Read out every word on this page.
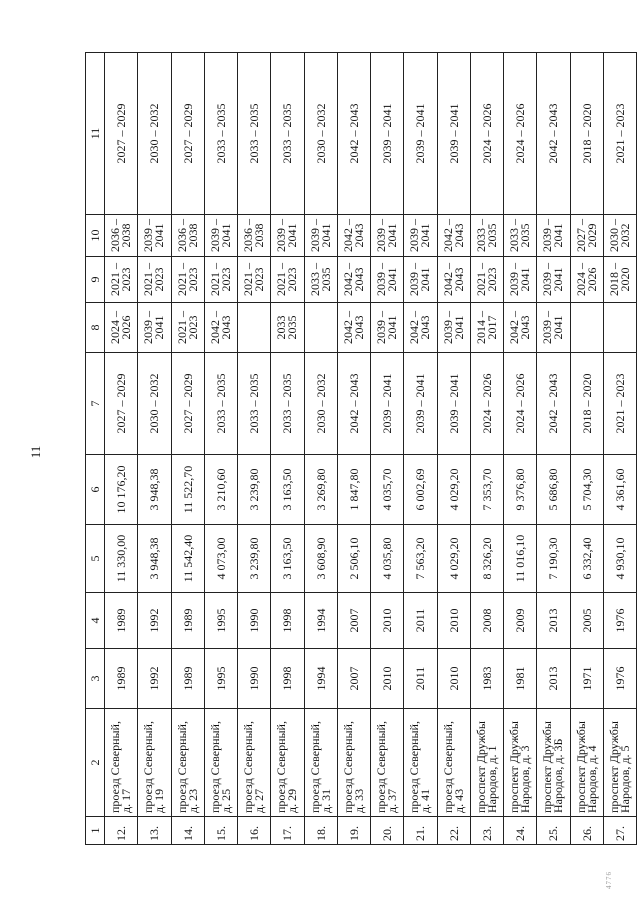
11
4776
1	2	3	4	5	6	7	8	9	10	11
12.	проезд Северный, д. 17	1989	1989	11 330,00	10 176,20	2027 – 2029	2024 – 2026	2021 – 2023	2036 – 2038	2027 – 2029
13.	проезд Северный, д. 19	1992	1992	3 948,38	3 948,38	2030 – 2032	2039 – 2041	2021 – 2023	2039 – 2041	2030 – 2032
14.	проезд Северный, д. 23	1989	1989	11 542,40	11 522,70	2027 – 2029	2021 – 2023	2021 – 2023	2036 – 2038	2027 – 2029
15.	проезд Северный, д. 25	1995	1995	4 073,00	3 210,60	2033 – 2035	2042 – 2043	2021 – 2023	2039 – 2041	2033 – 2035
16.	проезд Северный, д. 27	1990	1990	3 239,80	3 239,80	2033 – 2035		2021 – 2023	2036 – 2038	2033 – 2035
17.	проезд Северный, д. 29	1998	1998	3 163,50	3 163,50	2033 – 2035	2033 2035	2021 – 2023	2039 – 2041	2033 – 2035
18.	проезд Северный, д. 31	1994	1994	3 608,90	3 269,80	2030 – 2032		2033 – 2035	2039 – 2041	2030 – 2032
19.	проезд Северный, д. 33	2007	2007	2 506,10	1 847,80	2042 – 2043	2042 – 2043	2042 – 2043	2042 – 2043	2042 – 2043
20.	проезд Северный, д. 37	2010	2010	4 035,80	4 035,70	2039 – 2041	2039 – 2041	2039 – 2041	2039 – 2041	2039 – 2041
21.	проезд Северный, д. 41	2011	2011	7 563,20	6 002,69	2039 – 2041	2042 – 2043	2039 – 2041	2039 – 2041	2039 – 2041
22.	проезд Северный, д. 43	2010	2010	4 029,20	4 029,20	2039 – 2041	2039 – 2041	2042 – 2043	2042 – 2043	2039 – 2041
23.	проспект Дружбы Народов, д. 1	1983	2008	8 326,20	7 353,70	2024 – 2026	2014 – 2017	2021 – 2023	2033 – 2035	2024 – 2026
24.	проспект Дружбы Народов, д. 3	1981	2009	11 016,10	9 376,80	2024 – 2026	2042 – 2043	2039 – 2041	2033 – 2035	2024 – 2026
25.	проспект Дружбы Народов, д. 3Б	2013	2013	7 190,30	5 686,80	2042 – 2043	2039 – 2041	2039 – 2041	2039 – 2041	2042 – 2043
26.	проспект Дружбы Народов, д. 4	1971	2005	6 332,40	5 704,30	2018 – 2020		2024 – 2026	2027 – 2029	2018 – 2020
27.	проспект Дружбы Народов, д. 5	1976	1976	4 930,10	4 361,60	2021 – 2023		2018 – 2020	2030 – 2032	2021 – 2023
